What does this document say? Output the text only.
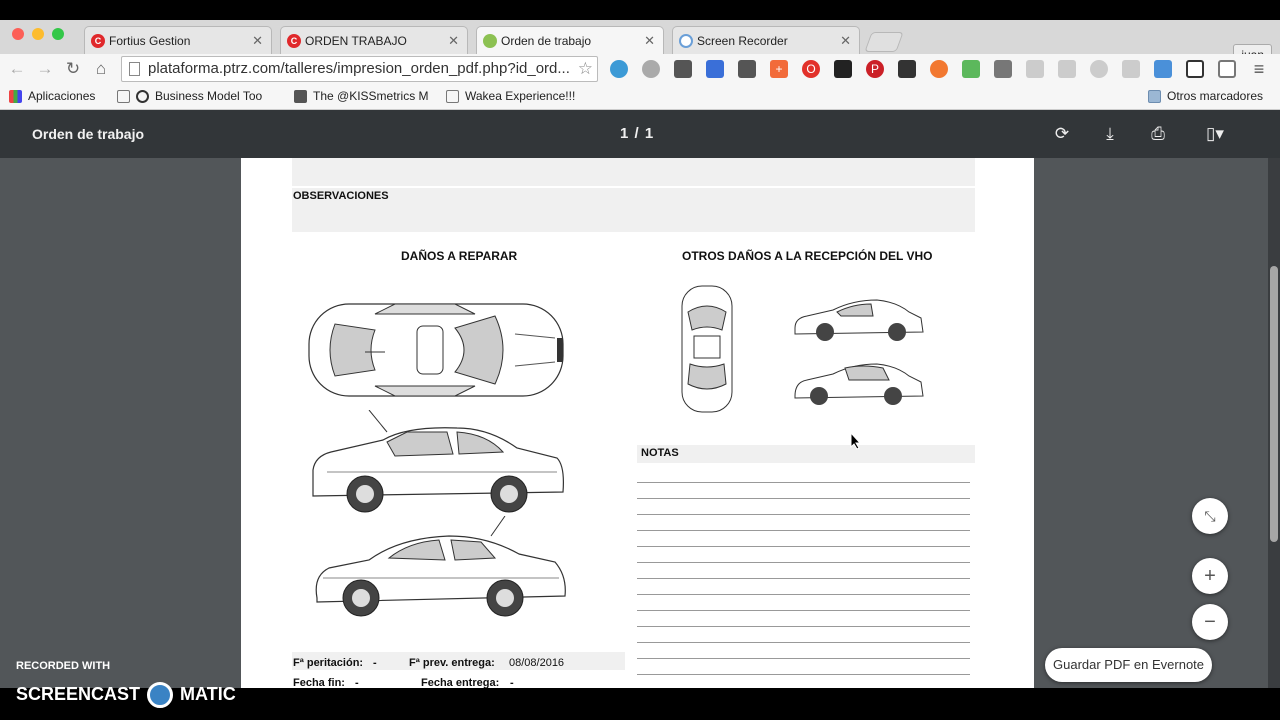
C Fortius Gestion	✕	C ORDEN TRABAJO	✕	Orden de trabajo	✕	Screen Recorder	✕
← → ↻ ⌂	plataforma.ptrz.com/talleres/impresion_orden_pdf.php?id_ord... ☆	+	O	P	≡
Aplicaciones	Business Model Too	The @KISSmetrics M	Wakea Experience!!!	Otros marcadores
Orden de trabajo	1 / 1	⟳	⤓	⎙	▯▾
OBSERVACIONES
DAÑOS A REPARAR	OTROS DAÑOS A LA RECEPCIÓN DEL VHO
NOTAS
Fª peritación: -	Fª prev. entrega: 08/08/2016
Fecha fin: -	Fecha entrega: -
⤡
+
−
Guardar PDF en Evernote
RECORDED WITH
SCREENCAST MATIC
